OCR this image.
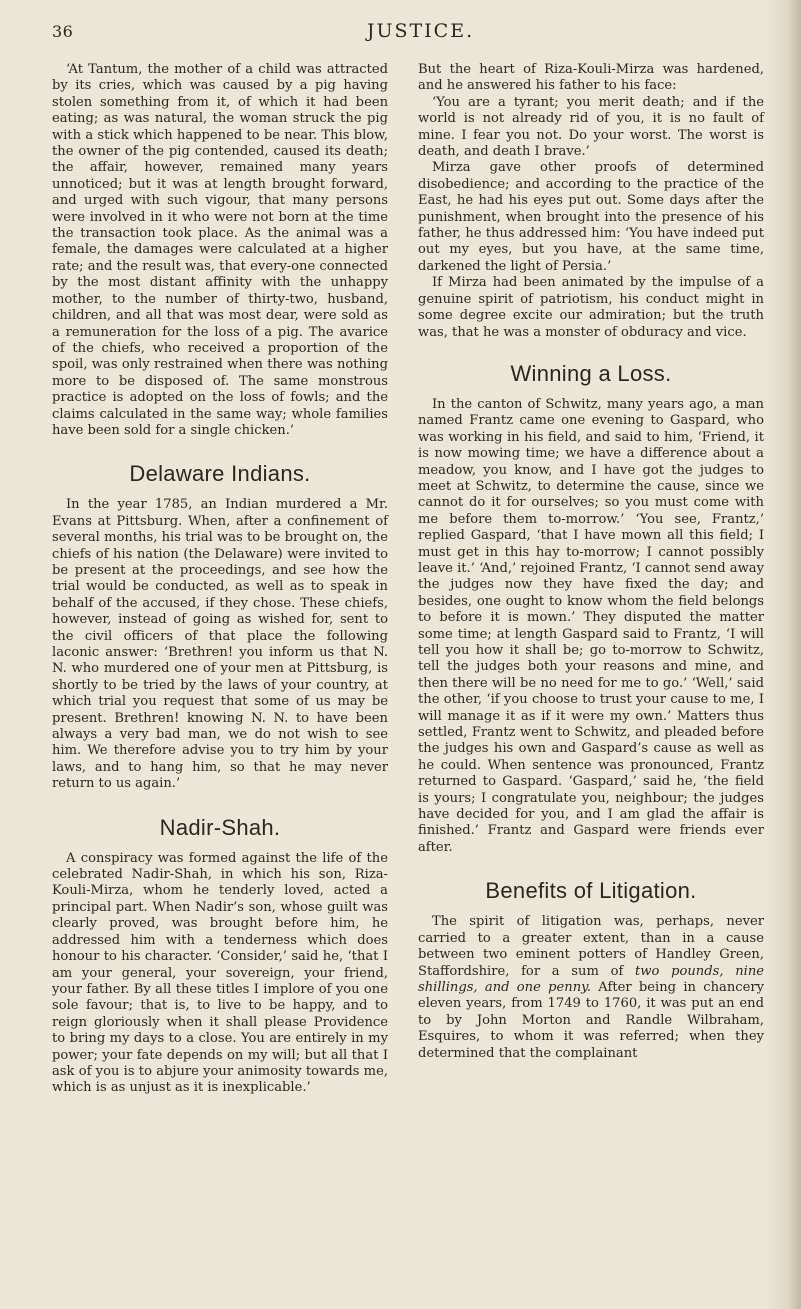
36	JUSTICE.

‘At Tantum, the mother of a child was attracted by its cries, which was caused by a pig having stolen something from it, of which it had been eating; as was natural, the woman struck the pig with a stick which happened to be near. This blow, the owner of the pig contended, caused its death; the affair, however, remained many years unnoticed; but it was at length brought forward, and urged with such vigour, that many persons were involved in it who were not born at the time the transaction took place. As the animal was a female, the damages were calculated at a higher rate; and the result was, that every-one connected by the most distant affinity with the unhappy mother, to the number of thirty-two, husband, children, and all that was most dear, were sold as a remuneration for the loss of a pig. The avarice of the chiefs, who received a proportion of the spoil, was only restrained when there was nothing more to be disposed of. The same monstrous practice is adopted on the loss of fowls; and the claims calculated in the same way; whole families have been sold for a single chicken.’

Delaware Indians.

In the year 1785, an Indian murdered a Mr. Evans at Pittsburg. When, after a confinement of several months, his trial was to be brought on, the chiefs of his nation (the Delaware) were invited to be present at the proceedings, and see how the trial would be conducted, as well as to speak in behalf of the accused, if they chose. These chiefs, however, instead of going as wished for, sent to the civil officers of that place the following laconic answer: ‘Brethren! you inform us that N. N. who murdered one of your men at Pittsburg, is shortly to be tried by the laws of your country, at which trial you request that some of us may be present. Brethren! knowing N. N. to have been always a very bad man, we do not wish to see him. We therefore advise you to try him by your laws, and to hang him, so that he may never return to us again.’

Nadir-Shah.

A conspiracy was formed against the life of the celebrated Nadir-Shah, in which his son, Riza-Kouli-Mirza, whom he tenderly loved, acted a principal part. When Nadir’s son, whose guilt was clearly proved, was brought before him, he addressed him with a tenderness which does honour to his character. ‘Consider,’ said he, ‘that I am your general, your sovereign, your friend, your father. By all these titles I implore of you one sole favour; that is, to live to be happy, and to reign gloriously when it shall please Providence to bring my days to a close. You are entirely in my power; your fate depends on my will; but all that I ask of you is to abjure your animosity towards me, which is as unjust as it is inexplicable.’

But the heart of Riza-Kouli-Mirza was hardened, and he answered his father to his face:

‘You are a tyrant; you merit death; and if the world is not already rid of you, it is no fault of mine. I fear you not. Do your worst. The worst is death, and death I brave.’

Mirza gave other proofs of determined disobedience; and according to the practice of the East, he had his eyes put out. Some days after the punishment, when brought into the presence of his father, he thus addressed him: ‘You have indeed put out my eyes, but you have, at the same time, darkened the light of Persia.’

If Mirza had been animated by the impulse of a genuine spirit of patriotism, his conduct might in some degree excite our admiration; but the truth was, that he was a monster of obduracy and vice.

Winning a Loss.

In the canton of Schwitz, many years ago, a man named Frantz came one evening to Gaspard, who was working in his field, and said to him, ‘Friend, it is now mowing time; we have a difference about a meadow, you know, and I have got the judges to meet at Schwitz, to determine the cause, since we cannot do it for ourselves; so you must come with me before them to-morrow.’ ‘You see, Frantz,’ replied Gaspard, ‘that I have mown all this field; I must get in this hay to-morrow; I cannot possibly leave it.’ ‘And,’ rejoined Frantz, ‘I cannot send away the judges now they have fixed the day; and besides, one ought to know whom the field belongs to before it is mown.’ They disputed the matter some time; at length Gaspard said to Frantz, ‘I will tell you how it shall be; go to-morrow to Schwitz, tell the judges both your reasons and mine, and then there will be no need for me to go.’ ‘Well,’ said the other, ‘if you choose to trust your cause to me, I will manage it as if it were my own.’ Matters thus settled, Frantz went to Schwitz, and pleaded before the judges his own and Gaspard’s cause as well as he could. When sentence was pronounced, Frantz returned to Gaspard. ‘Gaspard,’ said he, ‘the field is yours; I congratulate you, neighbour; the judges have decided for you, and I am glad the affair is finished.’ Frantz and Gaspard were friends ever after.

Benefits of Litigation.

The spirit of litigation was, perhaps, never carried to a greater extent, than in a cause between two eminent potters of Handley Green, Staffordshire, for a sum of two pounds, nine shillings, and one penny. After being in chancery eleven years, from 1749 to 1760, it was put an end to by John Morton and Randle Wilbraham, Esquires, to whom it was referred; when they determined that the complainant
